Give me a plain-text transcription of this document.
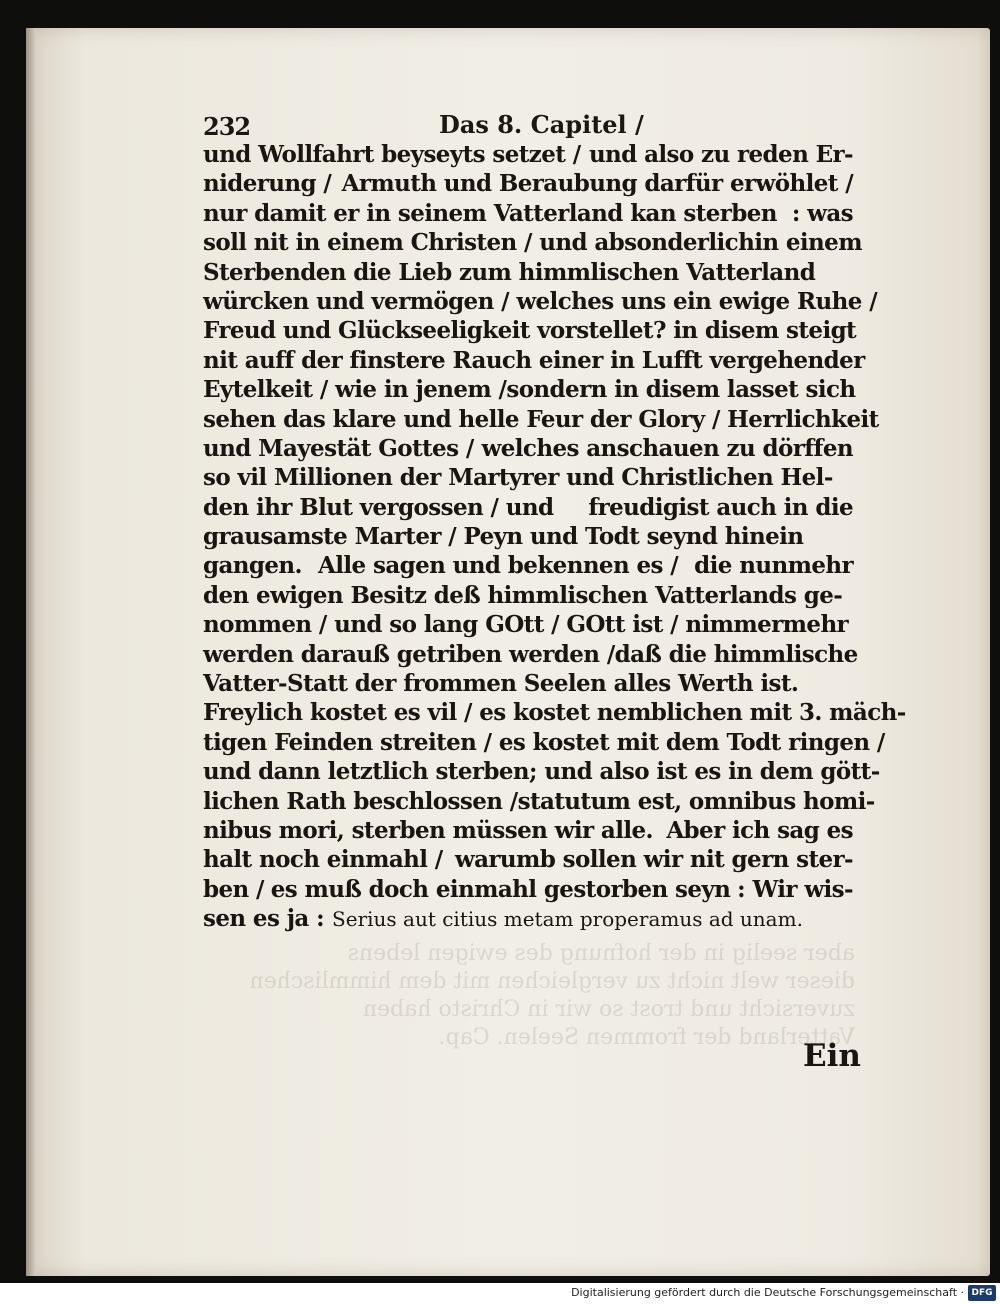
aber seelig in der hofnung des ewigen lebens
dieser welt nicht zu vergleichen mit dem himmlischen
zuversicht und trost so wir in Christo haben
Vatterland der frommen Seelen. Cap.
232	Das 8. Capitel /
und Wollfahrt beyseyts setzet / und also zu reden Er-
niderung / Armuth und Beraubung darfür erwöhlet /
nur damit er in seinem Vatterland kan sterben : was
soll nit in einem Christen / und absonderlich in einem
Sterbenden die Lieb zum himmlischen Vatterland
würcken und vermögen / welches uns ein ewige Ruhe /
Freud und Glückseeligkeit vorstellet ? in disem steigt
nit auff der finstere Rauch einer in Lufft vergehender
Eytelkeit / wie in jenem / sondern in disem lasset sich
sehen das klare und helle Feur der Glory / Herrlichkeit
und Mayestät Gottes / welches anschauen zu dörffen
so vil Millionen der Martyrer und Christlichen Hel-
den ihr Blut vergossen / und freudigist auch in die
grausamste Marter / Peyn und Todt seynd hinein
gangen. Alle sagen und bekennen es / die nunmehr
den ewigen Besitz deß himmlischen Vatterlands ge-
nommen / und so lang GOtt / GOtt ist / nimmermehr
werden darauß getriben werden / daß die himmlische
Vatter-Statt der frommen Seelen alles Werth ist.
Freylich kostet es vil / es kostet nemblichen mit 3. mäch-
tigen Feinden streiten / es kostet mit dem Todt ringen /
und dann letztlich sterben ; und also ist es in dem gött-
lichen Rath beschlossen / statutum est, omnibus homi-
nibus mori, sterben müssen wir alle. Aber ich sag es
halt noch einmahl / warumb sollen wir nit gern ster-
ben / es muß doch einmahl gestorben seyn : Wir wis-
sen es ja : Serius aut citius metam properamus ad unam.
Ein
Digitalisierung gefördert durch die Deutsche Forschungsgemeinschaft · DFG
